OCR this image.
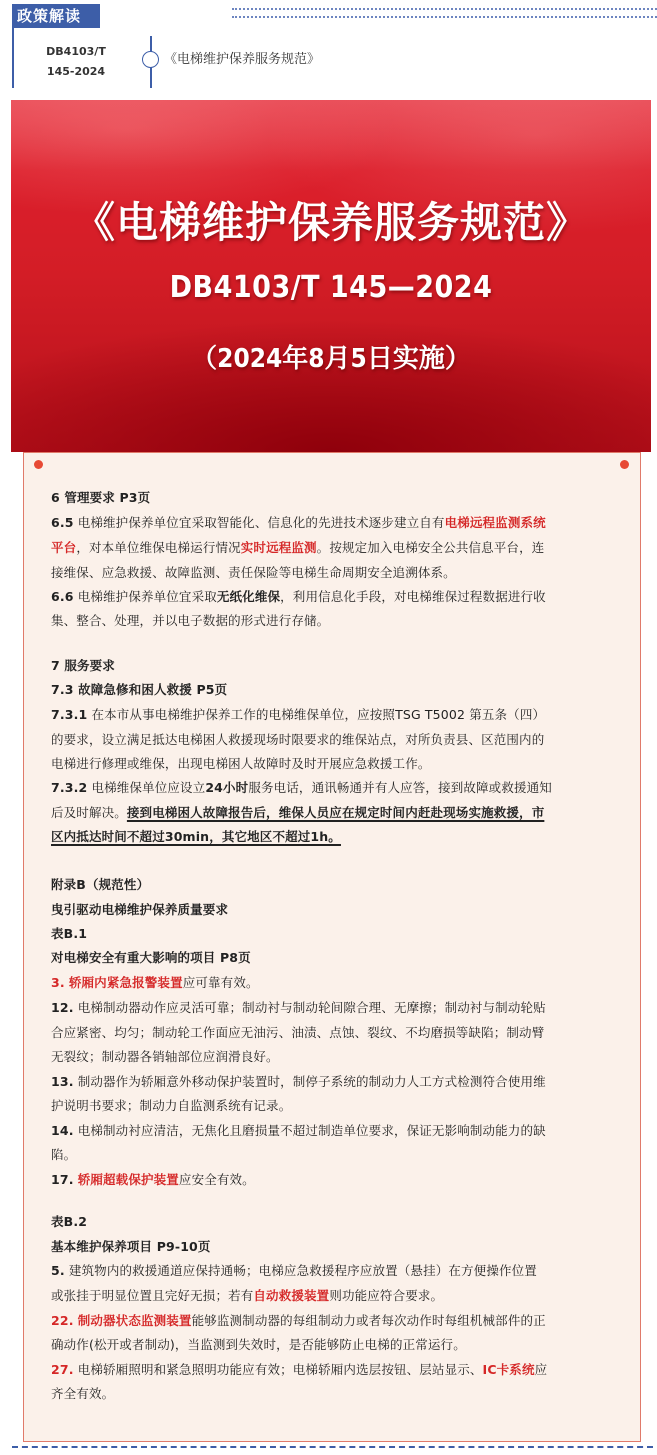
政策解读
DB4103/T
145-2024
《电梯维护保养服务规范》
《电梯维护保养服务规范》
DB4103/T 145—2024
（2024年8月5日实施）
6 管理要求 P3页
6.5 电梯维护保养单位宜采取智能化、信息化的先进技术逐步建立自有电梯远程监测系统
平台，对本单位维保电梯运行情况实时远程监测。按规定加入电梯安全公共信息平台，连
接维保、应急救援、故障监测、责任保险等电梯生命周期安全追溯体系。
6.6 电梯维护保养单位宜采取无纸化维保，利用信息化手段，对电梯维保过程数据进行收
集、整合、处理，并以电子数据的形式进行存储。
7 服务要求
7.3 故障急修和困人救援 P5页
7.3.1 在本市从事电梯维护保养工作的电梯维保单位，应按照TSG T5002 第五条（四）
的要求，设立满足抵达电梯困人救援现场时限要求的维保站点，对所负责县、区范围内的
电梯进行修理或维保，出现电梯困人故障时及时开展应急救援工作。
7.3.2 电梯维保单位应设立24小时服务电话，通讯畅通并有人应答，接到故障或救援通知
后及时解决。接到电梯困人故障报告后，维保人员应在规定时间内赶赴现场实施救援，市
区内抵达时间不超过30min，其它地区不超过1h。
附录B（规范性）
曳引驱动电梯维护保养质量要求
表B.1
对电梯安全有重大影响的项目 P8页
3. 轿厢内紧急报警装置应可靠有效。
12. 电梯制动器动作应灵活可靠；制动衬与制动轮间隙合理、无摩擦；制动衬与制动轮贴
合应紧密、均匀；制动轮工作面应无油污、油渍、点蚀、裂纹、不均磨损等缺陷；制动臂
无裂纹；制动器各销轴部位应润滑良好。
13. 制动器作为轿厢意外移动保护装置时，制停子系统的制动力人工方式检测符合使用维
护说明书要求；制动力自监测系统有记录。
14. 电梯制动衬应清洁，无焦化且磨损量不超过制造单位要求，保证无影响制动能力的缺
陷。
17. 轿厢超载保护装置应安全有效。
表B.2
基本维护保养项目 P9-10页
5. 建筑物内的救援通道应保持通畅；电梯应急救援程序应放置（悬挂）在方便操作位置
或张挂于明显位置且完好无损；若有自动救援装置则功能应符合要求。
22. 制动器状态监测装置能够监测制动器的每组制动力或者每次动作时每组机械部件的正
确动作(松开或者制动)，当监测到失效时，是否能够防止电梯的正常运行。
27. 电梯轿厢照明和紧急照明功能应有效；电梯轿厢内选层按钮、层站显示、IC卡系统应
齐全有效。
